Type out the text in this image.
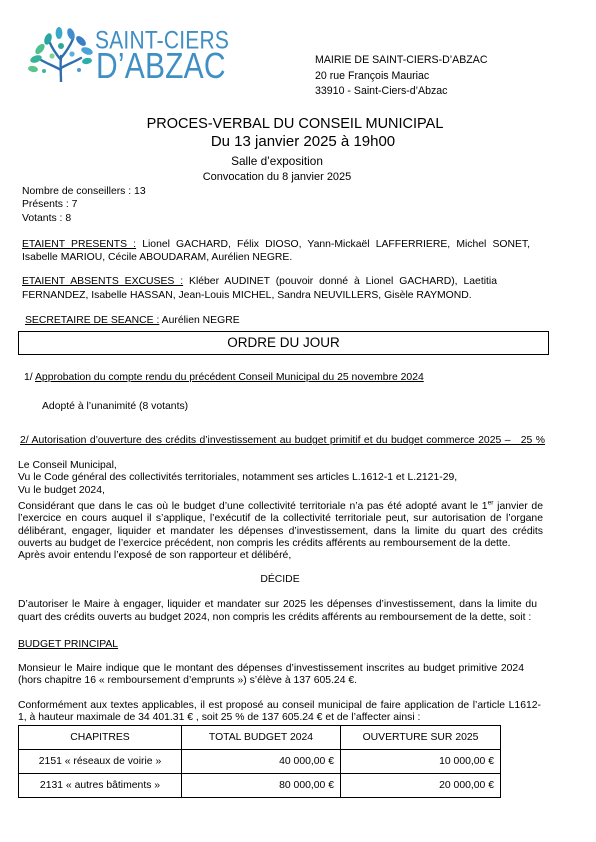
SAINT-CIERS
D’ABZAC	MAIRIE DE SAINT-CIERS-D’ABZAC
20 rue François Mauriac
33910 - Saint-Ciers-d’Abzac
PROCES-VERBAL DU CONSEIL MUNICIPAL
Du 13 janvier 2025 à 19h00
Salle d’exposition
Convocation du 8 janvier 2025
Nombre de conseillers : 13
Présents : 7
Votants : 8
ETAIENT PRESENTS : Lionel GACHARD, Félix DIOSO, Yann-Mickaël LAFFERRIERE, Michel SONET,
Isabelle MARIOU, Cécile ABOUDARAM, Aurélien NEGRE.
ETAIENT ABSENTS EXCUSES : Kléber AUDINET (pouvoir donné à Lionel GACHARD), Laetitia
FERNANDEZ, Isabelle HASSAN, Jean-Louis MICHEL, Sandra NEUVILLERS, Gisèle RAYMOND.
SECRETAIRE DE SEANCE : Aurélien NEGRE
ORDRE DU JOUR
1/ Approbation du compte rendu du précédent Conseil Municipal du 25 novembre 2024
Adopté à l’unanimité (8 votants)
2/ Autorisation d’ouverture des crédits d’investissement au budget primitif et du budget commerce 2025 –   25 %
Le Conseil Municipal,
Vu le Code général des collectivités territoriales, notamment ses articles L.1612-1 et L.2121-29,
Vu le budget 2024,
Considérant que dans le cas où le budget d’une collectivité territoriale n’a pas été adopté avant le 1er janvier de
l’exercice en cours auquel il s’applique, l’exécutif de la collectivité territoriale peut, sur autorisation de l’organe
délibérant, engager, liquider et mandater les dépenses d’investissement, dans la limite du quart des crédits
ouverts au budget de l’exercice précédent, non compris les crédits afférents au remboursement de la dette.
Après avoir entendu l’exposé de son rapporteur et délibéré,
DÉCIDE
D’autoriser le Maire à engager, liquider et mandater sur 2025 les dépenses d’investissement, dans la limite du
quart des crédits ouverts au budget 2024, non compris les crédits afférents au remboursement de la dette, soit :
BUDGET PRINCIPAL
Monsieur le Maire indique que le montant des dépenses d’investissement inscrites au budget primitive 2024
(hors chapitre 16 « remboursement d’emprunts ») s’élève à 137 605.24 €.
Conformément aux textes applicables, il est proposé au conseil municipal de faire application de l’article L1612-
1, à hauteur maximale de 34 401.31 € , soit 25 % de 137 605.24 € et de l’affecter ainsi :
CHAPITRES	TOTAL BUDGET 2024	OUVERTURE SUR 2025
2151 « réseaux de voirie »	40 000,00 €	10 000,00 €
2131 « autres bâtiments »	80 000,00 €	20 000,00 €
